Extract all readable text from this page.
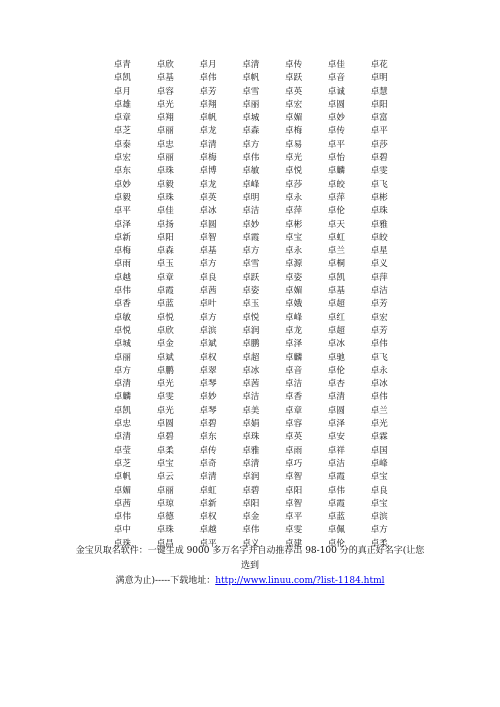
卓青	卓欣	卓月	卓清	卓传	卓佳	卓花
卓凯	卓基	卓伟	卓帆	卓跃	卓音	卓明
卓月	卓容	卓芳	卓雪	卓英	卓诚	卓慧
卓雄	卓光	卓翔	卓丽	卓宏	卓圆	卓阳
卓章	卓翔	卓帆	卓城	卓媚	卓妙	卓富
卓芝	卓丽	卓龙	卓森	卓梅	卓传	卓平
卓泰	卓忠	卓清	卓方	卓易	卓平	卓莎
卓宏	卓丽	卓梅	卓伟	卓光	卓怡	卓碧
卓东	卓珠	卓博	卓敏	卓悦	卓麟	卓雯
卓妙	卓毅	卓龙	卓峰	卓莎	卓皎	卓飞
卓毅	卓珠	卓英	卓明	卓永	卓萍	卓彬
卓平	卓佳	卓冰	卓洁	卓萍	卓伦	卓珠
卓泽	卓扬	卓圆	卓妙	卓彬	卓天	卓雅
卓新	卓阳	卓智	卓霞	卓宝	卓虹	卓皎
卓梅	卓森	卓基	卓方	卓永	卓兰	卓星
卓雨	卓玉	卓方	卓雪	卓源	卓桐	卓义
卓越	卓章	卓良	卓跃	卓姿	卓凯	卓萍
卓伟	卓霞	卓茜	卓姿	卓媚	卓基	卓洁
卓香	卓蓝	卓叶	卓玉	卓娥	卓超	卓芳
卓敏	卓悦	卓方	卓悦	卓峰	卓红	卓宏
卓悦	卓欣	卓滨	卓润	卓龙	卓超	卓芳
卓城	卓金	卓斌	卓鹏	卓泽	卓冰	卓伟
卓丽	卓斌	卓权	卓超	卓麟	卓驰	卓飞
卓方	卓鹏	卓翠	卓冰	卓音	卓伦	卓永
卓清	卓光	卓琴	卓茜	卓洁	卓杏	卓冰
卓麟	卓雯	卓妙	卓洁	卓香	卓清	卓伟
卓凯	卓光	卓琴	卓美	卓章	卓圆	卓兰
卓忠	卓圆	卓碧	卓娟	卓容	卓泽	卓光
卓清	卓碧	卓东	卓珠	卓英	卓安	卓霖
卓莹	卓柔	卓传	卓雅	卓雨	卓祥	卓国
卓芝	卓宝	卓奇	卓清	卓巧	卓洁	卓峰
卓帆	卓云	卓清	卓润	卓智	卓霞	卓宝
卓媚	卓丽	卓虹	卓碧	卓阳	卓伟	卓良
卓茜	卓琼	卓新	卓阳	卓智	卓霞	卓宝
卓伟	卓德	卓权	卓金	卓平	卓蓝	卓滨
卓中	卓珠	卓越	卓伟	卓雯	卓佩	卓方
卓珠	卓昌	卓平	卓义	卓建	卓伦	卓柔
金宝贝取名软件：一键生成 9000 多万名字并自动推荐出 98-100 分的真正好名字(让您选到
满意为止)-----下载地址：http://www.linuu.com/?list-1184.html
